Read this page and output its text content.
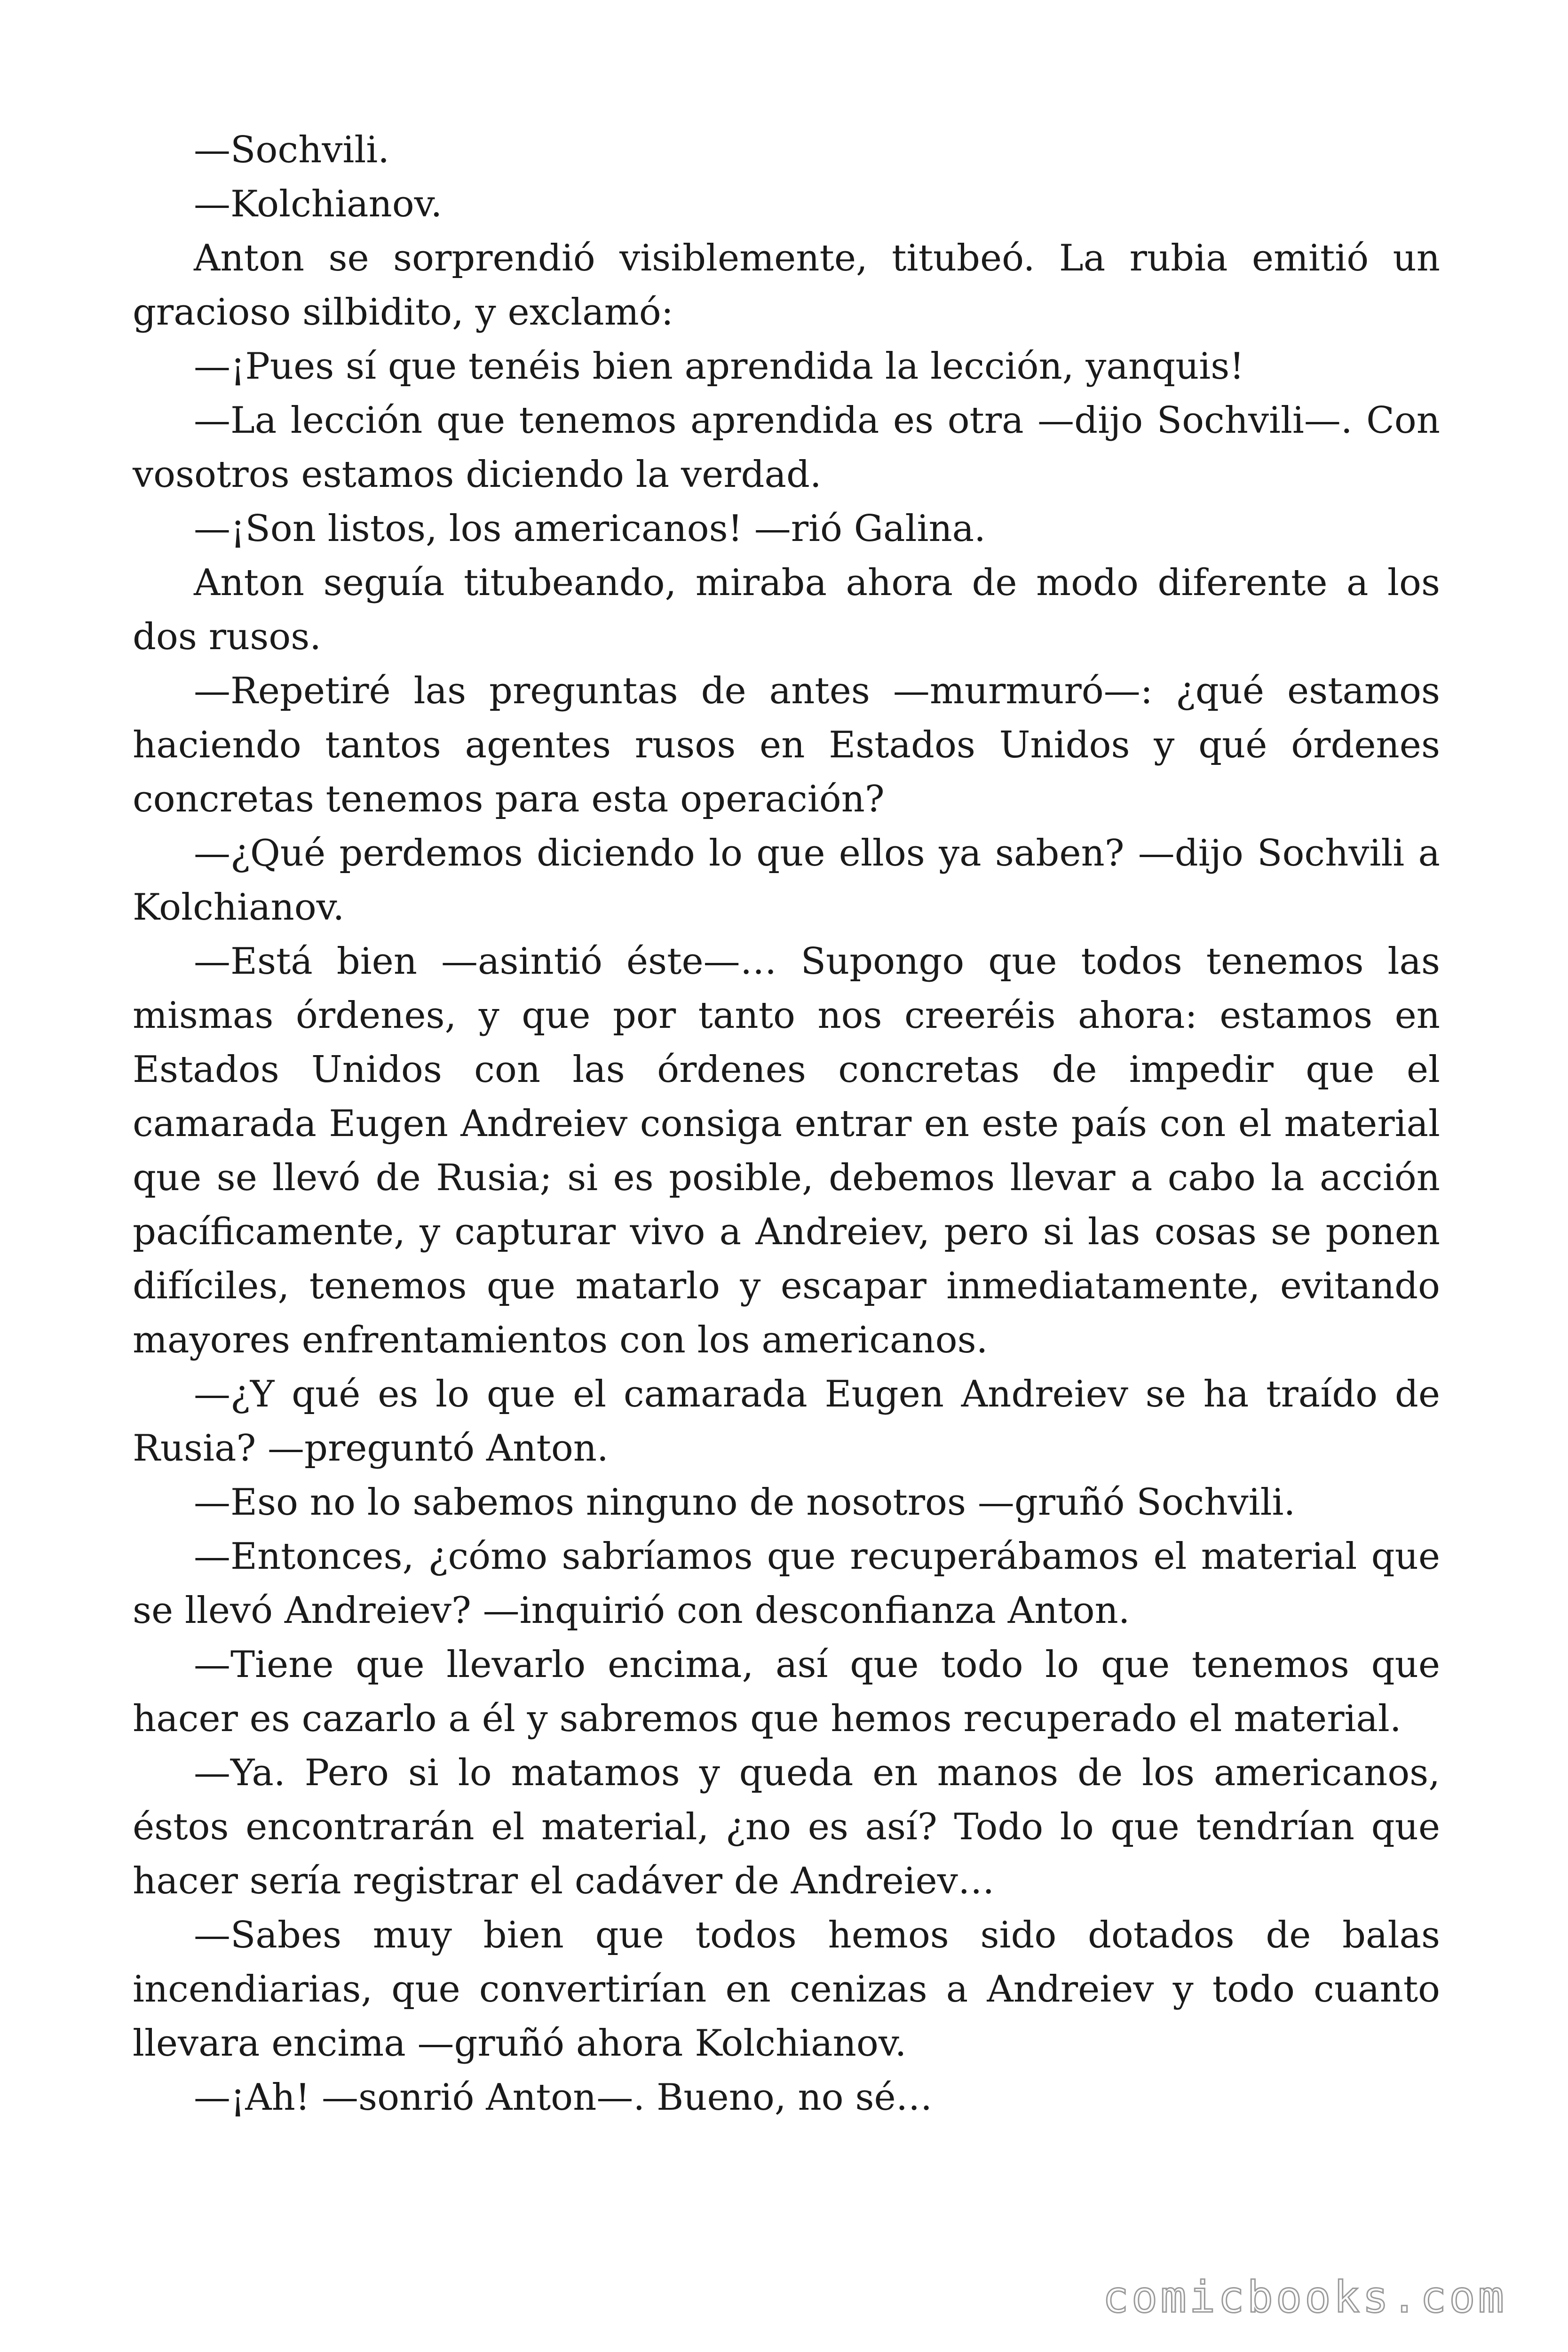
—Sochvili.

—Kolchianov.

Anton se sorprendió visiblemente, titubeó. La rubia emitió un gracioso silbidito, y exclamó:

—¡Pues sí que tenéis bien aprendida la lección, yanquis!

—La lección que tenemos aprendida es otra —dijo Sochvili—. Con vosotros estamos diciendo la verdad.

—¡Son listos, los americanos! —rió Galina.

Anton seguía titubeando, miraba ahora de modo diferente a los dos rusos.

—Repetiré las preguntas de antes —murmuró—: ¿qué estamos haciendo tantos agentes rusos en Estados Unidos y qué órdenes concretas tenemos para esta operación?

—¿Qué perdemos diciendo lo que ellos ya saben? —dijo Sochvili a Kolchianov.

—Está bien —asintió éste—… Supongo que todos tenemos las mismas órdenes, y que por tanto nos creeréis ahora: estamos en Estados Unidos con las órdenes concretas de impedir que el camarada Eugen Andreiev consiga entrar en este país con el material que se llevó de Rusia; si es posible, debemos llevar a cabo la acción pacíficamente, y capturar vivo a Andreiev, pero si las cosas se ponen difíciles, tenemos que matarlo y escapar inmediatamente, evitando mayores enfrentamientos con los americanos.

—¿Y qué es lo que el camarada Eugen Andreiev se ha traído de Rusia? —preguntó Anton.

—Eso no lo sabemos ninguno de nosotros —gruñó Sochvili.

—Entonces, ¿cómo sabríamos que recuperábamos el material que se llevó Andreiev? —inquirió con desconfianza Anton.

—Tiene que llevarlo encima, así que todo lo que tenemos que hacer es cazarlo a él y sabremos que hemos recuperado el material.

—Ya. Pero si lo matamos y queda en manos de los americanos, éstos encontrarán el material, ¿no es así? Todo lo que tendrían que hacer sería registrar el cadáver de Andreiev…

—Sabes muy bien que todos hemos sido dotados de balas incendiarias, que convertirían en cenizas a Andreiev y todo cuanto llevara encima —gruñó ahora Kolchianov.

—¡Ah! —sonrió Anton—. Bueno, no sé…

comicbooks.com
